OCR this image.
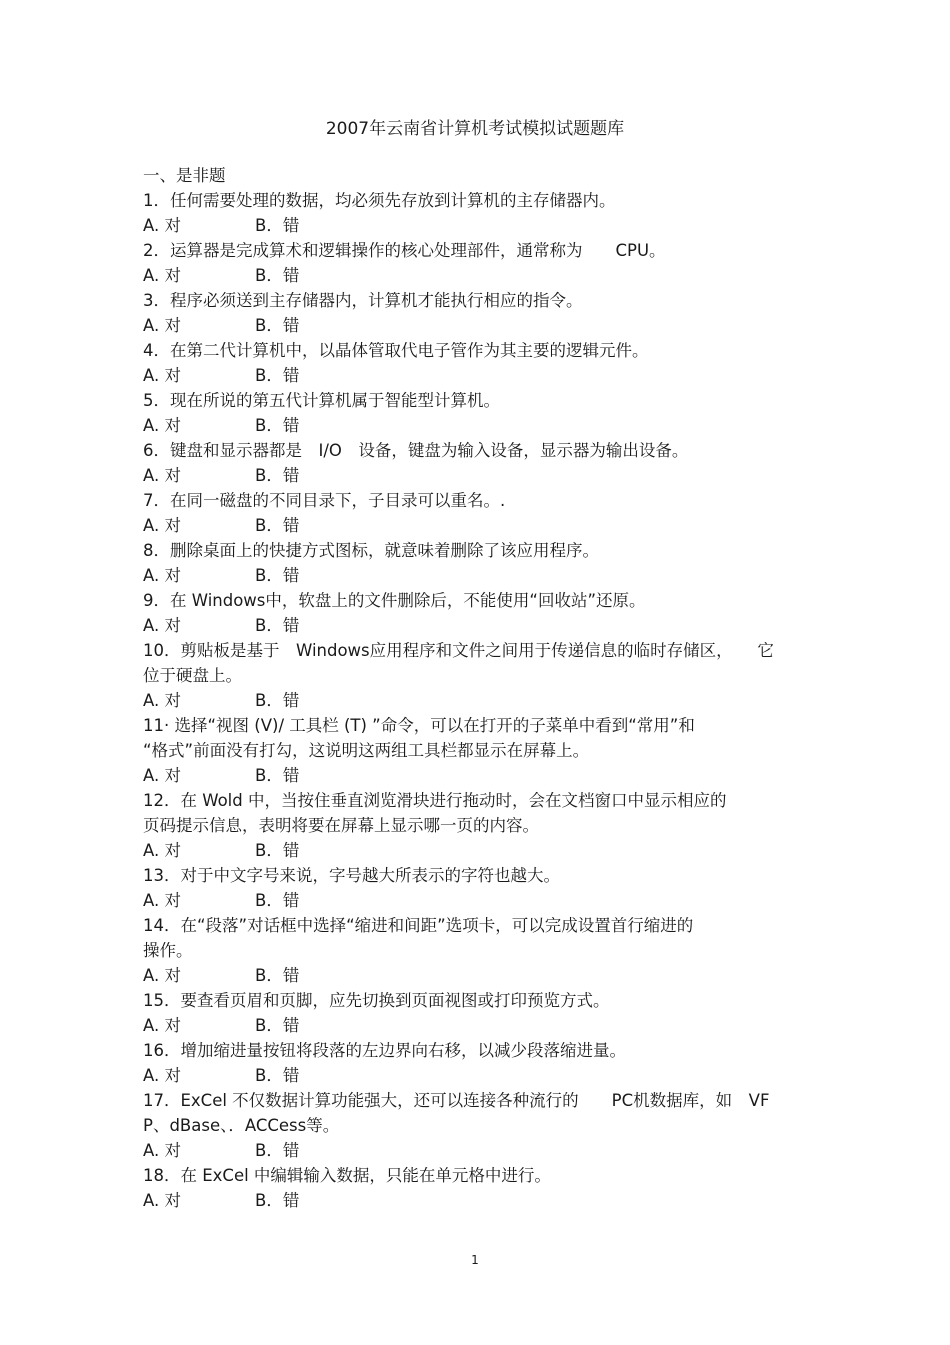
2007年云南省计算机考试模拟试题题库
一、是非题
1．任何需要处理的数据，均必须先存放到计算机的主存储器内。
A. 对	B．错
2．运算器是完成算术和逻辑操作的核心处理部件，通常称为　　CPU。
A. 对	B．错
3．程序必须送到主存储器内，计算机才能执行相应的指令。
A. 对	B．错
4．在第二代计算机中，以晶体管取代电子管作为其主要的逻辑元件。
A. 对	B．错
5．现在所说的第五代计算机属于智能型计算机。
A. 对	B．错
6．键盘和显示器都是　I/O　设备，键盘为输入设备，显示器为输出设备。
A. 对	B．错
7．在同一磁盘的不同目录下，子目录可以重名。.
A. 对	B．错
8．删除桌面上的快捷方式图标，就意味着删除了该应用程序。
A. 对	B．错
9．在 Windows中，软盘上的文件删除后，不能使用“回收站”还原。
A. 对	B．错
10．剪贴板是基于　Windows应用程序和文件之间用于传递信息的临时存储区，　　它
位于硬盘上。
A. 对	B．错
11· 选择“视图 (V)/ 工具栏 (T) ”命令，可以在打开的子菜单中看到“常用”和
“格式”前面没有打勾，这说明这两组工具栏都显示在屏幕上。
A. 对	B．错
12．在 Wold 中，当按住垂直浏览滑块进行拖动时，会在文档窗口中显示相应的
页码提示信息，表明将要在屏幕上显示哪一页的内容。
A. 对	B．错
13．对于中文字号来说，字号越大所表示的字符也越大。
A. 对	B．错
14．在“段落”对话框中选择“缩进和间距”选项卡，可以完成设置首行缩进的
操作。
A. 对	B．错
15．要查看页眉和页脚，应先切换到页面视图或打印预览方式。
A. 对	B．错
16．增加缩进量按钮将段落的左边界向右移，以减少段落缩进量。
A. 对	B．错
17．ExCel 不仅数据计算功能强大，还可以连接各种流行的　　PC机数据库，如　VF
P、dBase、．ACCess等。
A. 对	B．错
18．在 ExCel 中编辑输入数据，只能在单元格中进行。
A. 对	B．错
1
